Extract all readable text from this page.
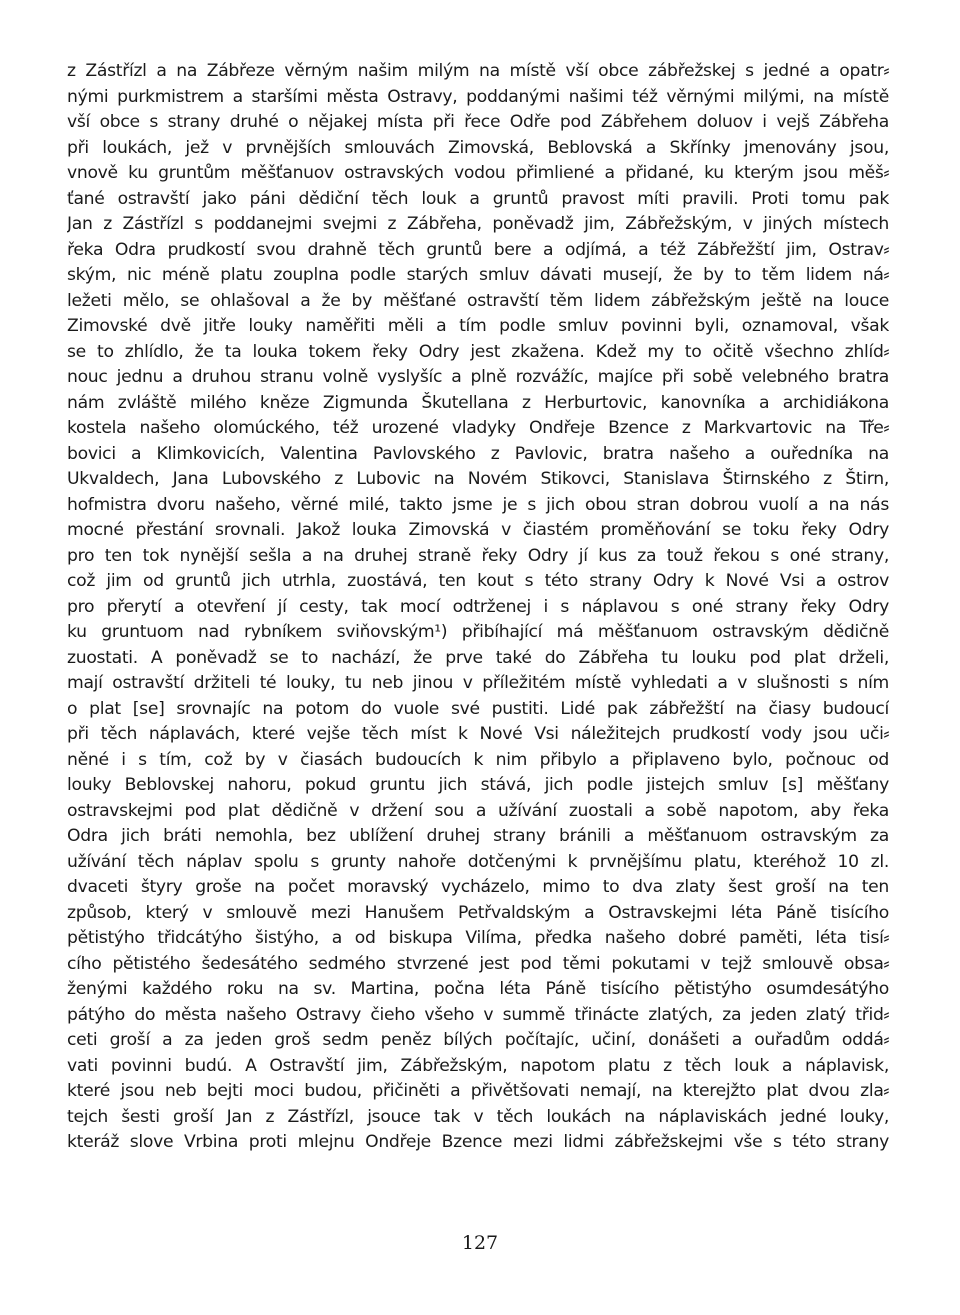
z Zástřízl a na Zábřeze věrným našim milým na místě vší obce zábřežskej s jedné a opatr⸗
nými purkmistrem a staršími města Ostravy, poddanými našimi též věrnými milými, na místě
vší obce s strany druhé o nějakej místa při řece Odře pod Zábřehem doluov i vejš Zábřeha
při loukách, jež v prvnějších smlouvách Zimovská, Beblovská a Skřínky jmenovány jsou,
vnově ku gruntům měšťanuov ostravských vodou přimliené a přidané, ku kterým jsou měš⸗
ťané ostravští jako páni dědiční těch louk a gruntů pravost míti pravili. Proti tomu pak
Jan z Zástřízl s poddanejmi svejmi z Zábřeha, poněvadž jim, Zábřežským, v jiných místech
řeka Odra prudkostí svou drahně těch gruntů bere a odjímá, a též Zábřežští jim, Ostrav⸗
ským, nic méně platu zouplna podle starých smluv dávati musejí, že by to těm lidem ná⸗
ležeti mělo, se ohlašoval a že by měšťané ostravští těm lidem zábřežským ještě na louce
Zimovské dvě jitře louky naměřiti měli a tím podle smluv povinni byli, oznamoval, však
se to zhlídlo, že ta louka tokem řeky Odry jest zkažena. Kdež my to očitě všechno zhlíd⸗
nouc jednu a druhou stranu volně vyslyšíc a plně rozvážíc, majíce při sobě velebného bratra
nám zvláště milého kněze Zigmunda Škutellana z Herburtovic, kanovníka a archidiákona
kostela našeho olomúckého, též urozené vladyky Ondřeje Bzence z Markvartovic na Tře⸗
bovici a Klimkovicích, Valentina Pavlovského z Pavlovic, bratra našeho a ouředníka na
Ukvaldech, Jana Lubovského z Lubovic na Novém Stikovci, Stanislava Štirnského z Štirn,
hofmistra dvoru našeho, věrné milé, takto jsme je s jich obou stran dobrou vuolí a na nás
mocné přestání srovnali. Jakož louka Zimovská v čiastém proměňování se toku řeky Odry
pro ten tok nynější sešla a na druhej straně řeky Odry jí kus za touž řekou s oné strany,
což jim od gruntů jich utrhla, zuostává, ten kout s této strany Odry k Nové Vsi a ostrov
pro přerytí a otevření jí cesty, tak mocí odtrženej i s náplavou s oné strany řeky Odry
ku gruntuom nad rybníkem sviňovským¹) přibíhající má měšťanuom ostravským dědičně
zuostati. A poněvadž se to nachází, že prve také do Zábřeha tu louku pod plat drželi,
mají ostravští držiteli té louky, tu neb jinou v příležitém místě vyhledati a v slušnosti s ním
o plat [se] srovnajíc na potom do vuole své pustiti. Lidé pak zábřežští na čiasy budoucí
při těch náplavách, které vejše těch míst k Nové Vsi náležitejch prudkostí vody jsou uči⸗
něné i s tím, což by v čiasách budoucích k nim přibylo a připlaveno bylo, počnouc od
louky Beblovskej nahoru, pokud gruntu jich stává, jich podle jistejch smluv [s] měšťany
ostravskejmi pod plat dědičně v držení sou a užívání zuostali a sobě napotom, aby řeka
Odra jich bráti nemohla, bez ublížení druhej strany bránili a měšťanuom ostravským za
užívání těch náplav spolu s grunty nahoře dotčenými k prvnějšímu platu, kteréhož 10 zl.
dvaceti štyry groše na počet moravský vycházelo, mimo to dva zlaty šest groší na ten
způsob, který v smlouvě mezi Hanušem Petřvaldským a Ostravskejmi léta Páně tisícího
pětistýho třidcátýho šistýho, a od biskupa Vilíma, předka našeho dobré paměti, léta tisí⸗
cího pětistého šedesátého sedmého stvrzené jest pod těmi pokutami v tejž smlouvě obsa⸗
ženými každého roku na sv. Martina, počna léta Páně tisícího pětistýho osumdesátýho
pátýho do města našeho Ostravy čieho všeho v summě třinácte zlatých, za jeden zlatý třid⸗
ceti groší a za jeden groš sedm peněz bílých počítajíc, učiní, donášeti a ouřadům oddá⸗
vati povinni budú. A Ostravští jim, Zábřežským, napotom platu z těch louk a náplavisk,
které jsou neb bejti moci budou, přičiněti a přivětšovati nemají, na kterejžto plat dvou zla⸗
tejch šesti groší Jan z Zástřízl, jsouce tak v těch loukách na náplaviskách jedné louky,
kteráž slove Vrbina proti mlejnu Ondřeje Bzence mezi lidmi zábřežskejmi vše s této strany
127
